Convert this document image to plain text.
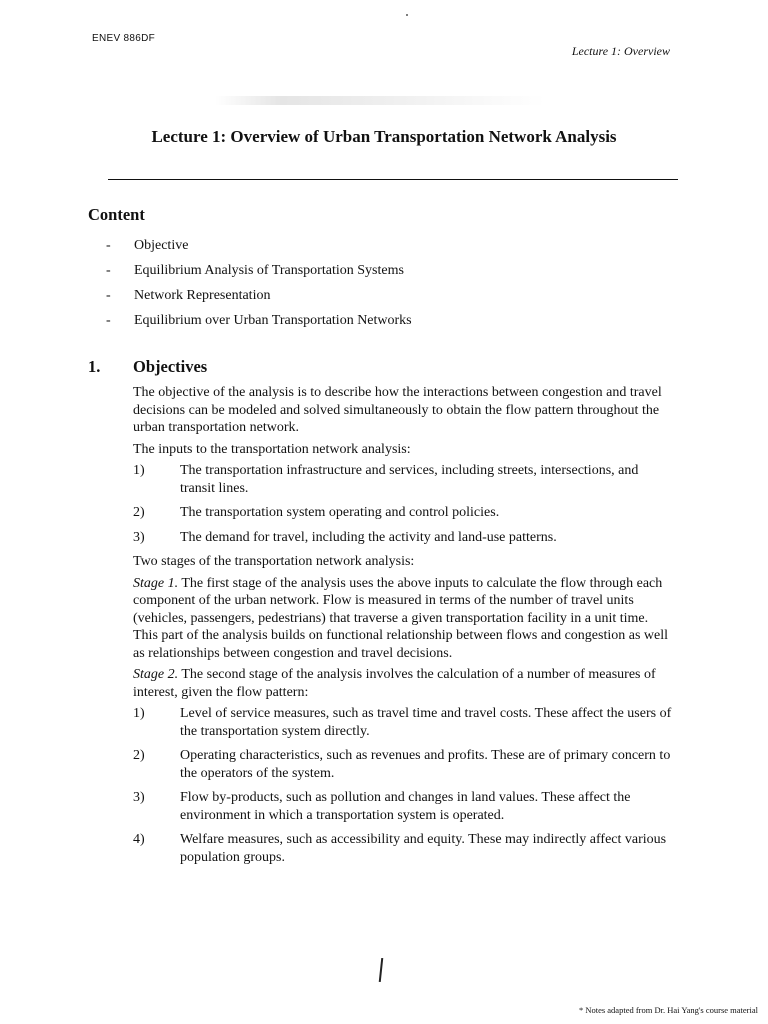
ENEV 886DF
Lecture 1: Overview
Lecture 1: Overview of Urban Transportation Network Analysis
Content
-	Objective
-	Equilibrium Analysis of Transportation Systems
-	Network Representation
-	Equilibrium over Urban Transportation Networks
1. Objectives

The objective of the analysis is to describe how the interactions between congestion and travel decisions can be modeled and solved simultaneously to obtain the flow pattern throughout the urban transportation network.

The inputs to the transportation network analysis:

1)	The transportation infrastructure and services, including streets, intersections, and transit lines.
2)	The transportation system operating and control policies.
3)	The demand for travel, including the activity and land-use patterns.

Two stages of the transportation network analysis:

Stage 1. The first stage of the analysis uses the above inputs to calculate the flow through each component of the urban network. Flow is measured in terms of the number of travel units (vehicles, passengers, pedestrians) that traverse a given transportation facility in a unit time. This part of the analysis builds on functional relationship between flows and congestion as well as relationships between congestion and travel decisions.

Stage 2. The second stage of the analysis involves the calculation of a number of measures of interest, given the flow pattern:

1)	Level of service measures, such as travel time and travel costs. These affect the users of the transportation system directly.
2)	Operating characteristics, such as revenues and profits. These are of primary concern to the operators of the system.
3)	Flow by-products, such as pollution and changes in land values. These affect the environment in which a transportation system is operated.
4)	Welfare measures, such as accessibility and equity. These may indirectly affect various population groups.
* Notes adapted from Dr. Hai Yang's course material
